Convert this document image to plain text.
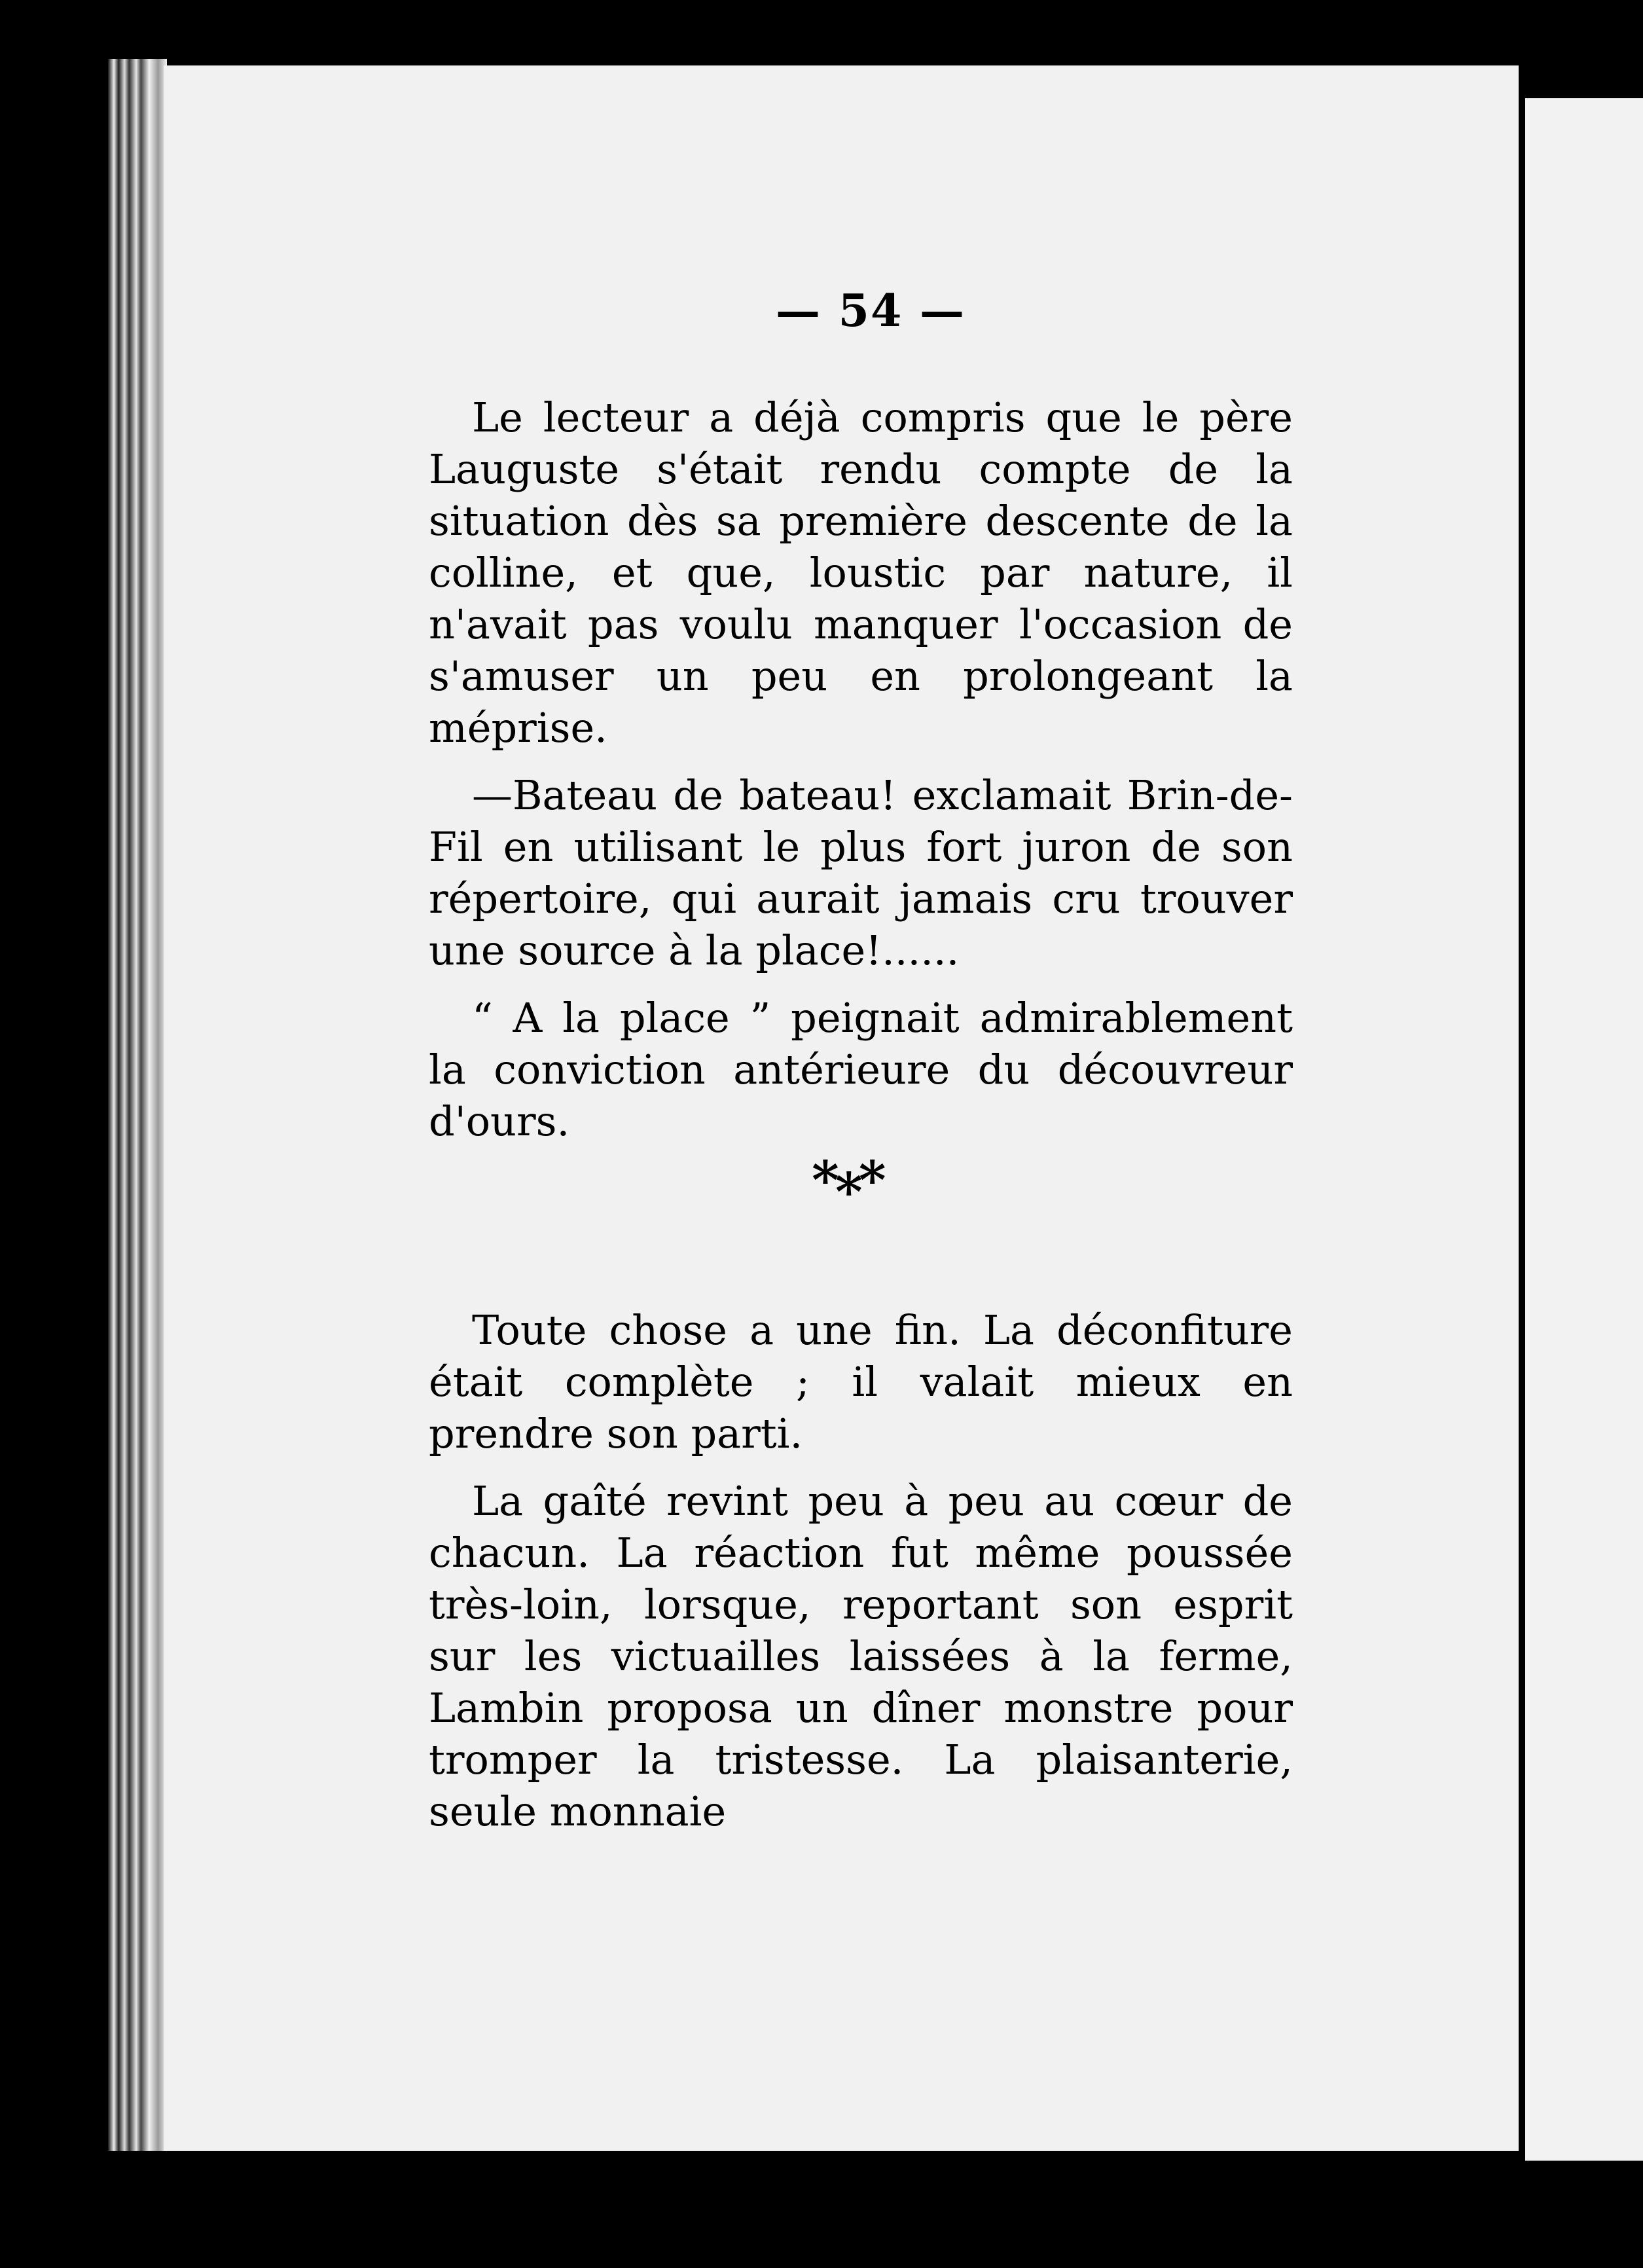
— 54 —

Le lecteur a déjà compris que le père Lauguste s'était rendu compte de la situation dès sa première descente de la colline, et que, loustic par nature, il n'avait pas voulu manquer l'occasion de s'amuser un peu en prolongeant la méprise.

—Bateau de bateau! exclamait Brin-de-Fil en utilisant le plus fort juron de son répertoire, qui aurait jamais cru trouver une source à la place!......

“ A la place ” peignait admirablement la conviction antérieure du découvreur d'ours.

***

Toute chose a une fin. La déconfiture était complète ; il valait mieux en prendre son parti.

La gaîté revint peu à peu au cœur de chacun. La réaction fut même poussée très-loin, lorsque, reportant son esprit sur les victuailles laissées à la ferme, Lambin proposa un dîner monstre pour tromper la tristesse. La plaisanterie, seule monnaie
